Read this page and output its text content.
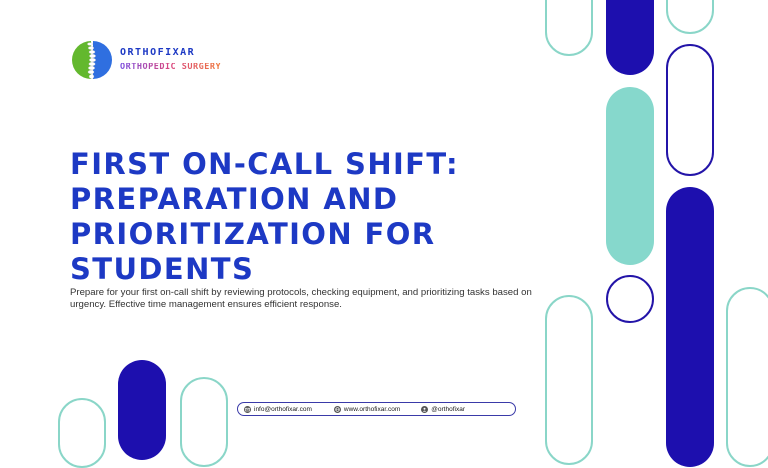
ORTHOFIXAR
ORTHOPEDIC SURGERY
FIRST ON-CALL SHIFT: PREPARATION AND PRIORITIZATION FOR STUDENTS

Prepare for your first on-call shift by reviewing protocols, checking equipment, and prioritizing tasks based on urgency. Effective time management ensures efficient response.

info@orthofixar.com	www.orthofixar.com	@orthofixar
